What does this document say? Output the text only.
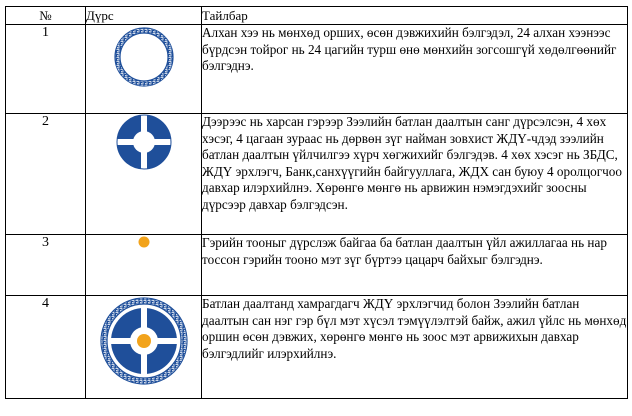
№	Дүрс	Тайлбар
1		Алхан хээ нь мөнхөд орших, өсөн дэвжихийн бэлгэдэл, 24 алхан хээнээс бүрдсэн тойрог нь 24 цагийн турш өнө мөнхийн зогсошгүй хөдөлгөөнийг бэлгэднэ.
2		Дээрээс нь харсан гэрээр Зээлийн батлан даалтын санг дүрсэлсэн, 4 хөх хэсэг, 4 цагаан зураас нь дөрвөн зүг найман зовхист ЖДҮ-чдэд зээлийн батлан даалтын үйлчилгээ хүрч хөгжихийг бэлгэдэв. 4 хөх хэсэг нь ЗБДС, ЖДҮ эрхлэгч, Банк,санхүүгийн байгууллага, ЖДХ сан буюу 4 оролцогчоо давхар илэрхийлнэ. Хөрөнгө мөнгө нь арвижин нэмэгдэхийг зоосны дүрсээр давхар бэлгэдсэн.
3		Гэрийн тооныг дүрслэж байгаа ба батлан даалтын үйл ажиллагаа нь нар тоссон гэрийн тооно мэт зүг бүртээ цацарч байхыг бэлгэднэ.
4		Батлан даалтанд хамрагдагч ЖДҮ эрхлэгчид болон Зээлийн батлан даалтын сан нэг гэр бүл мэт хүсэл тэмүүлэлтэй байж, ажил үйлс нь мөнхөд оршин өсөн дэвжих, хөрөнгө мөнгө нь зоос мэт арвижихын давхар бэлгэдлийг илэрхийлнэ.
